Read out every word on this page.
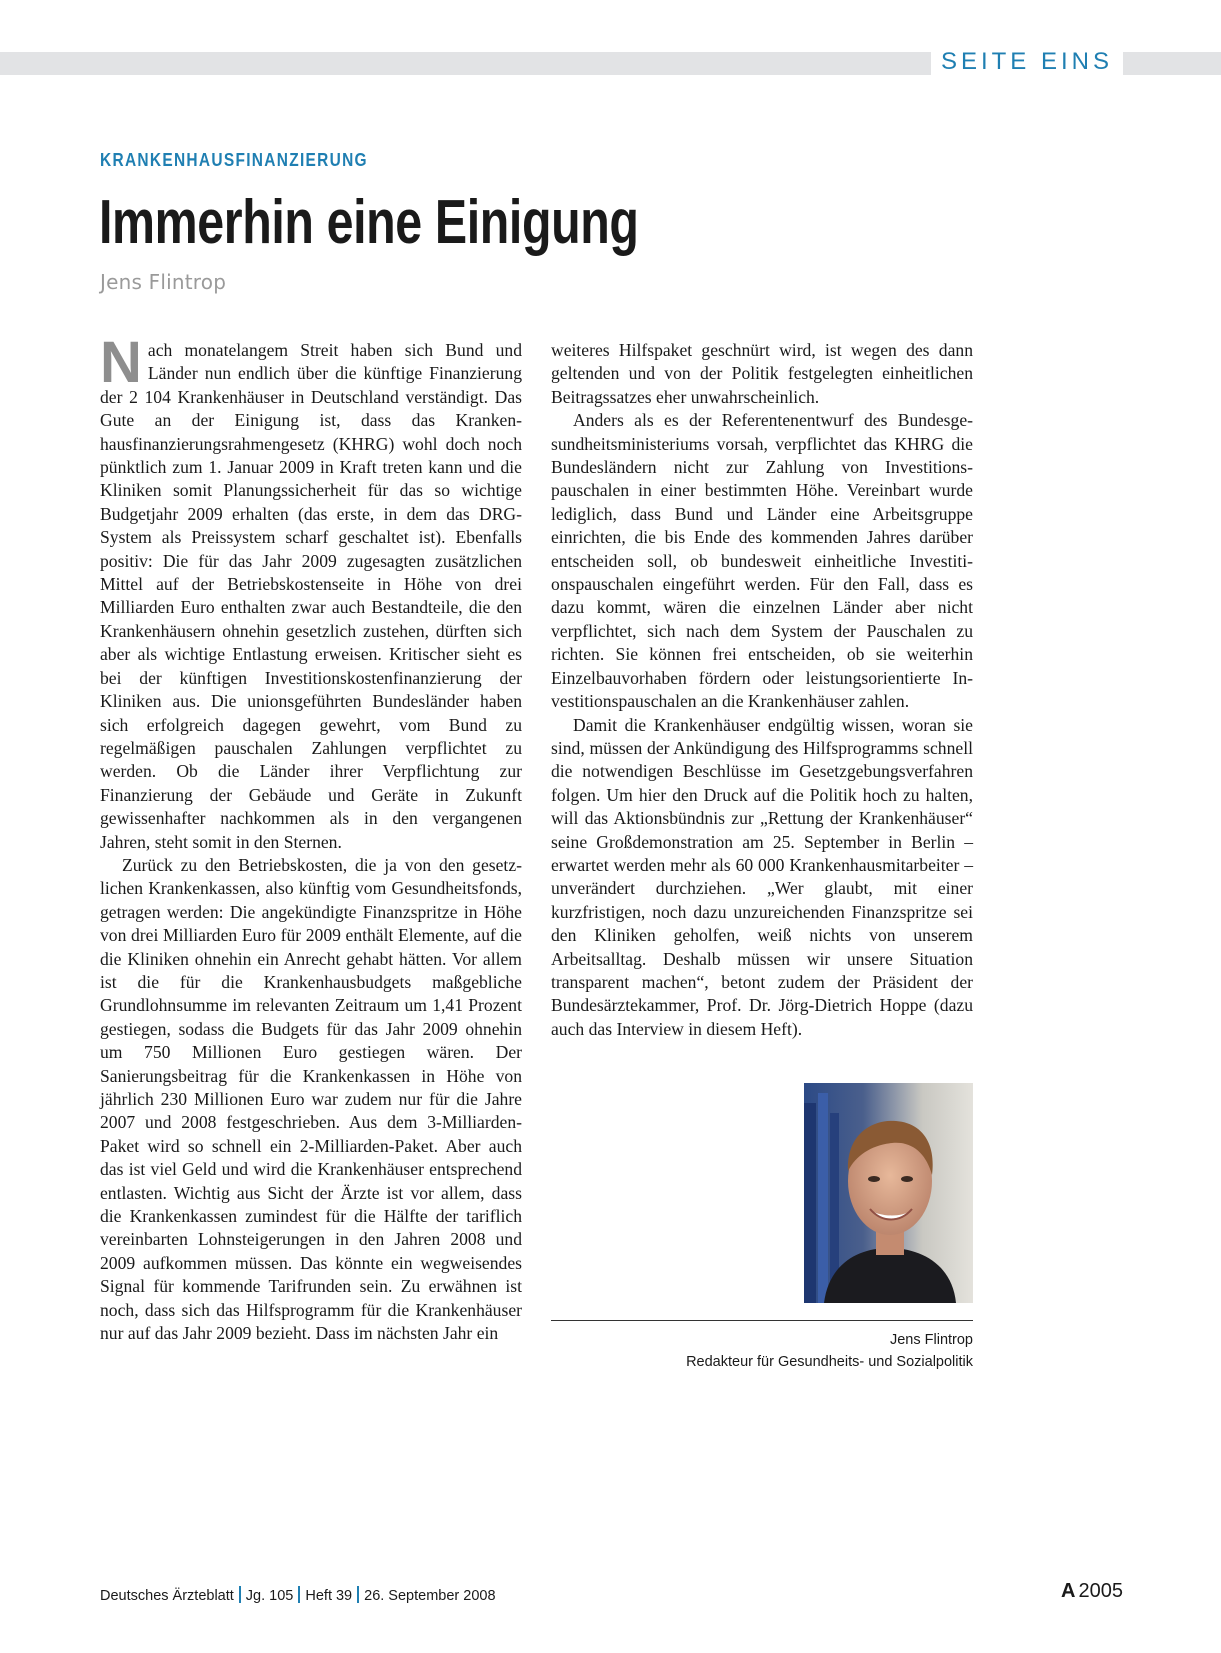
SEITE EINS
KRANKENHAUSFINANZIERUNG
Immerhin eine Einigung
Jens Flintrop

Nach monatelangem Streit haben sich Bund und Länder nun endlich über die künftige Finanzierung der 2 104 Krankenhäuser in Deutschland verständigt. Das Gute an der Einigung ist, dass das Krankenhausfinanzierungsrahmengesetz (KHRG) wohl doch noch pünktlich zum 1. Januar 2009 in Kraft treten kann und die Kliniken somit Planungssicherheit für das so wichtige Budgetjahr 2009 erhalten (das erste, in dem das DRG-System als Preissystem scharf geschaltet ist). Ebenfalls positiv: Die für das Jahr 2009 zugesagten zusätzlichen Mittel auf der Betriebskostenseite in Höhe von drei Milliarden Euro enthalten zwar auch Bestandteile, die den Krankenhäusern ohnehin gesetzlich zustehen, dürften sich aber als wichtige Entlastung erweisen. Kritischer sieht es bei der künftigen Investitionskostenfinanzierung der Kliniken aus. Die unionsgeführten Bundesländer haben sich erfolgreich dagegen gewehrt, vom Bund zu regelmäßigen pauschalen Zahlungen verpflichtet zu werden. Ob die Länder ihrer Verpflichtung zur Finanzierung der Gebäude und Geräte in Zukunft gewissenhafter nachkommen als in den vergangenen Jahren, steht somit in den Sternen.

Zurück zu den Betriebskosten, die ja von den gesetzlichen Krankenkassen, also künftig vom Gesundheitsfonds, getragen werden: Die angekündigte Finanzspritze in Höhe von drei Milliarden Euro für 2009 enthält Elemente, auf die die Kliniken ohnehin ein Anrecht gehabt hätten. Vor allem ist die für die Krankenhausbudgets maßgebliche Grundlohnsumme im relevanten Zeitraum um 1,41 Prozent gestiegen, sodass die Budgets für das Jahr 2009 ohnehin um 750 Millionen Euro gestiegen wären. Der Sanierungsbeitrag für die Krankenkassen in Höhe von jährlich 230 Millionen Euro war zudem nur für die Jahre 2007 und 2008 festgeschrieben. Aus dem 3-Milliarden-Paket wird so schnell ein 2-Milliarden-Paket. Aber auch das ist viel Geld und wird die Krankenhäuser entsprechend entlasten. Wichtig aus Sicht der Ärzte ist vor allem, dass die Krankenkassen zumindest für die Hälfte der tariflich vereinbarten Lohnsteigerungen in den Jahren 2008 und 2009 aufkommen müssen. Das könnte ein wegweisendes Signal für kommende Tarifrunden sein. Zu erwähnen ist noch, dass sich das Hilfsprogramm für die Krankenhäuser nur auf das Jahr 2009 bezieht. Dass im nächsten Jahr ein

weiteres Hilfspaket geschnürt wird, ist wegen des dann geltenden und von der Politik festgelegten einheitlichen Beitragssatzes eher unwahrscheinlich.

Anders als es der Referentenentwurf des Bundesgesundheitsministeriums vorsah, verpflichtet das KHRG die Bundesländern nicht zur Zahlung von Investitionspauschalen in einer bestimmten Höhe. Vereinbart wurde lediglich, dass Bund und Länder eine Arbeitsgruppe einrichten, die bis Ende des kommenden Jahres darüber entscheiden soll, ob bundesweit einheitliche Investitionspauschalen eingeführt werden. Für den Fall, dass es dazu kommt, wären die einzelnen Länder aber nicht verpflichtet, sich nach dem System der Pauschalen zu richten. Sie können frei entscheiden, ob sie weiterhin Einzelbauvorhaben fördern oder leistungsorientierte Investitionspauschalen an die Krankenhäuser zahlen.

Damit die Krankenhäuser endgültig wissen, woran sie sind, müssen der Ankündigung des Hilfsprogramms schnell die notwendigen Beschlüsse im Gesetzgebungsverfahren folgen. Um hier den Druck auf die Politik hoch zu halten, will das Aktionsbündnis zur „Rettung der Krankenhäuser“ seine Großdemonstration am 25. September in Berlin – erwartet werden mehr als 60 000 Krankenhausmitarbeiter – unverändert durchziehen. „Wer glaubt, mit einer kurzfristigen, noch dazu unzureichenden Finanzspritze sei den Kliniken geholfen, weiß nichts von unserem Arbeitsalltag. Deshalb müssen wir unsere Situation transparent machen“, betont zudem der Präsident der Bundesärztekammer, Prof. Dr. Jörg-Dietrich Hoppe (dazu auch das Interview in diesem Heft).

Jens Flintrop
Redakteur für Gesundheits- und Sozialpolitik
Deutsches Ärzteblatt Jg. 105 Heft 39 26. September 2008	A 2005
